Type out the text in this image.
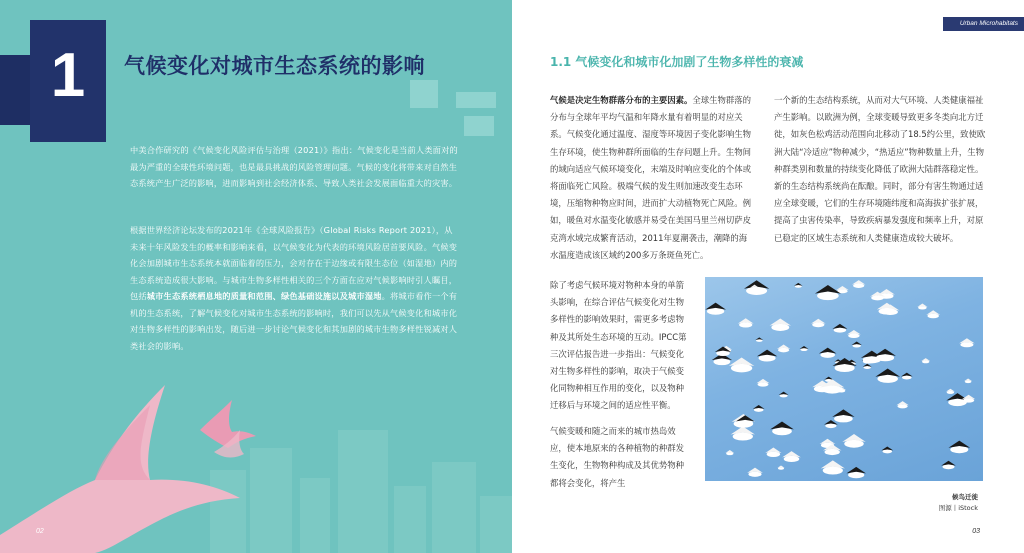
1	气候变化对城市生态系统的影响
中美合作研究的《气候变化风险评估与治理（2021）》指出：气候变化是当前人类面对的最为严重的全球性环境问题，也是最具挑战的风险管理问题。气候的变化将带来对自然生态系统产生广泛的影响，进而影响到社会经济体系、导致人类社会发展面临重大的灾害。
根据世界经济论坛发布的2021年《全球风险报告》（Global Risks Report 2021），从未来十年风险发生的概率和影响来看，以气候变化为代表的环境风险居首要风险。气候变化会加剧城市生态系统本就面临着的压力，会对存在于边缘或有限生态位（如湿地）内的生态系统造成很大影响。与城市生物多样性相关的三个方面在应对气候影响时引人瞩目，包括城市生态系统栖息地的质量和范围、绿色基础设施以及城市湿地。将城市看作一个有机的生态系统，了解气候变化对城市生态系统的影响时，我们可以先从气候变化和城市化对生物多样性的影响出发，随后进一步讨论气候变化和其加剧的城市生物多样性锐减对人类社会的影响。
02
Urban Microhabitats
1.1 气候变化和城市化加剧了生物多样性的衰减
气候是决定生物群落分布的主要因素。全球生物群落的分布与全球年平均气温和年降水量有着明显的对应关系。气候变化通过温度、湿度等环境因子变化影响生物生存环境，使生物种群所面临的生存问题上升。生物间的域向适应气候环境变化，末端及时响应变化的个体或将面临死亡风险。极端气候的发生则加速改变生态环境，压缩物种物应时间，进而扩大动植物死亡风险。例如，暖鱼对水温变化敏感并易受在美国马里兰州切萨皮克湾水域完成繁育活动，2011年夏潮袭击，潮降的海水温度造成该区域约200多万条斑鱼死亡。
一个新的生态结构系统，从而对大气环境、人类健康福祉产生影响。以欧洲为例，全球变暖导致更多冬类向北方迁徙，如灰色松鸡活动范围向北移动了18.5约公里，致使欧洲大陆“冷适应”物种减少，“热适应”物种数量上升，生物种群类别和数量的持续变化降低了欧洲大陆群落稳定性。新的生态结构系统尚在酝酿。同时，部分有害生物通过适应全球变暖，它们的生存环境随纬度和高海拔扩张扩展，提高了虫害传染率，导致疾病暴发强度和频率上升，对原已稳定的区域生态系统和人类健康造成较大破坏。
除了考虑气候环境对物种本身的单箭头影响，在综合评估气候变化对生物多样性的影响效果时，需更多考虑物种及其所处生态环境的互动。IPCC第三次评估报告进一步指出：气候变化对生物多样性的影响，取决于气候变化同物种相互作用的变化，以及物种迁移后与环境之间的适应性平衡。
气候变暖和随之而来的城市热岛效应，使本地原来的各种植物的种群发生变化，生物物种构成及其优势物种都将会变化，将产生
候鸟迁徙
图源丨iStock
03
